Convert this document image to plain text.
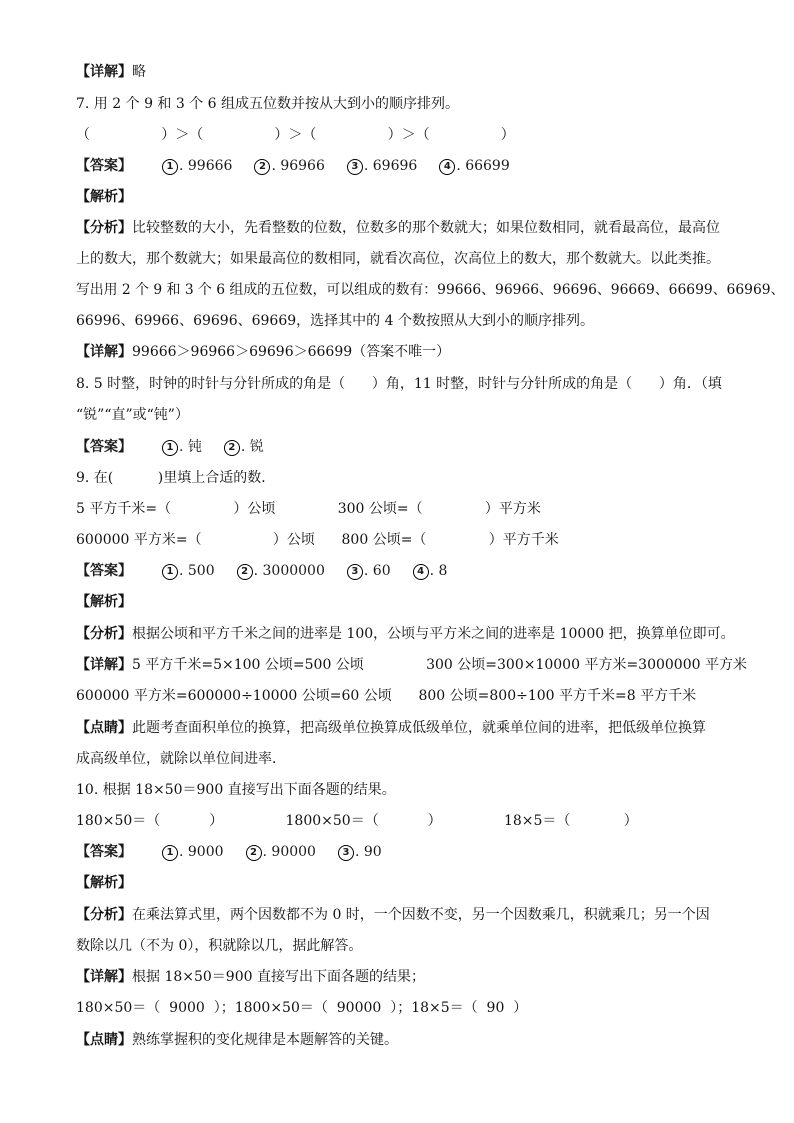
【详解】略
7. 用 2 个 9 和 3 个 6 组成五位数并按从大到小的顺序排列。
（                ）＞（                ）＞（                ）＞（                ）
【答案】	1 . 99666	2 . 96966	3 . 69696	4 . 66699
【解析】
【分析】比较整数的大小，先看整数的位数，位数多的那个数就大；如果位数相同，就看最高位，最高位
上的数大，那个数就大；如果最高位的数相同，就看次高位，次高位上的数大，那个数就大。以此类推。
写出用 2 个 9 和 3 个 6 组成的五位数，可以组成的数有：99666、96966、96696、96669、66699、66969、
66996、69966、69696、69669，选择其中的 4 个数按照从大到小的顺序排列。
【详解】99666＞96966＞69696＞66699（答案不唯一）
8. 5 时整，时钟的时针与分针所成的角是（      ）角，11 时整，时针与分针所成的角是（      ）角．（填
“锐”“直”或“钝”）
【答案】	1 . 钝	2 . 锐
9. 在(          )里填上合适的数．
5 平方千米=（              ）公顷              300 公顷=（              ）平方米
600000 平方米=（                ）公顷      800 公顷=（              ）平方千米
【答案】	1 . 500	2 . 3000000	3 . 60	4 . 8
【解析】
【分析】根据公顷和平方千米之间的进率是 100，公顷与平方米之间的进率是 10000 把，换算单位即可。
【详解】5 平方千米=5×100 公顷=500 公顷              300 公顷=300×10000 平方米=3000000 平方米
600000 平方米=600000÷10000 公顷=60 公顷      800 公顷=800÷100 平方千米=8 平方千米
【点睛】此题考查面积单位的换算，把高级单位换算成低级单位，就乘单位间的进率，把低级单位换算
成高级单位，就除以单位间进率．
10. 根据 18×50＝900 直接写出下面各题的结果。
180×50＝（           ）              1800×50＝（           ）              18×5＝（            ）
【答案】	1 . 9000	2 . 90000	3 . 90
【解析】
【分析】在乘法算式里，两个因数都不为 0 时，一个因数不变，另一个因数乘几，积就乘几；另一个因
数除以几（不为 0），积就除以几，据此解答。
【详解】根据 18×50＝900 直接写出下面各题的结果；
180×50＝（  9000  ）；1800×50＝（  90000  ）；18×5＝（  90  ）
【点睛】熟练掌握积的变化规律是本题解答的关键。
